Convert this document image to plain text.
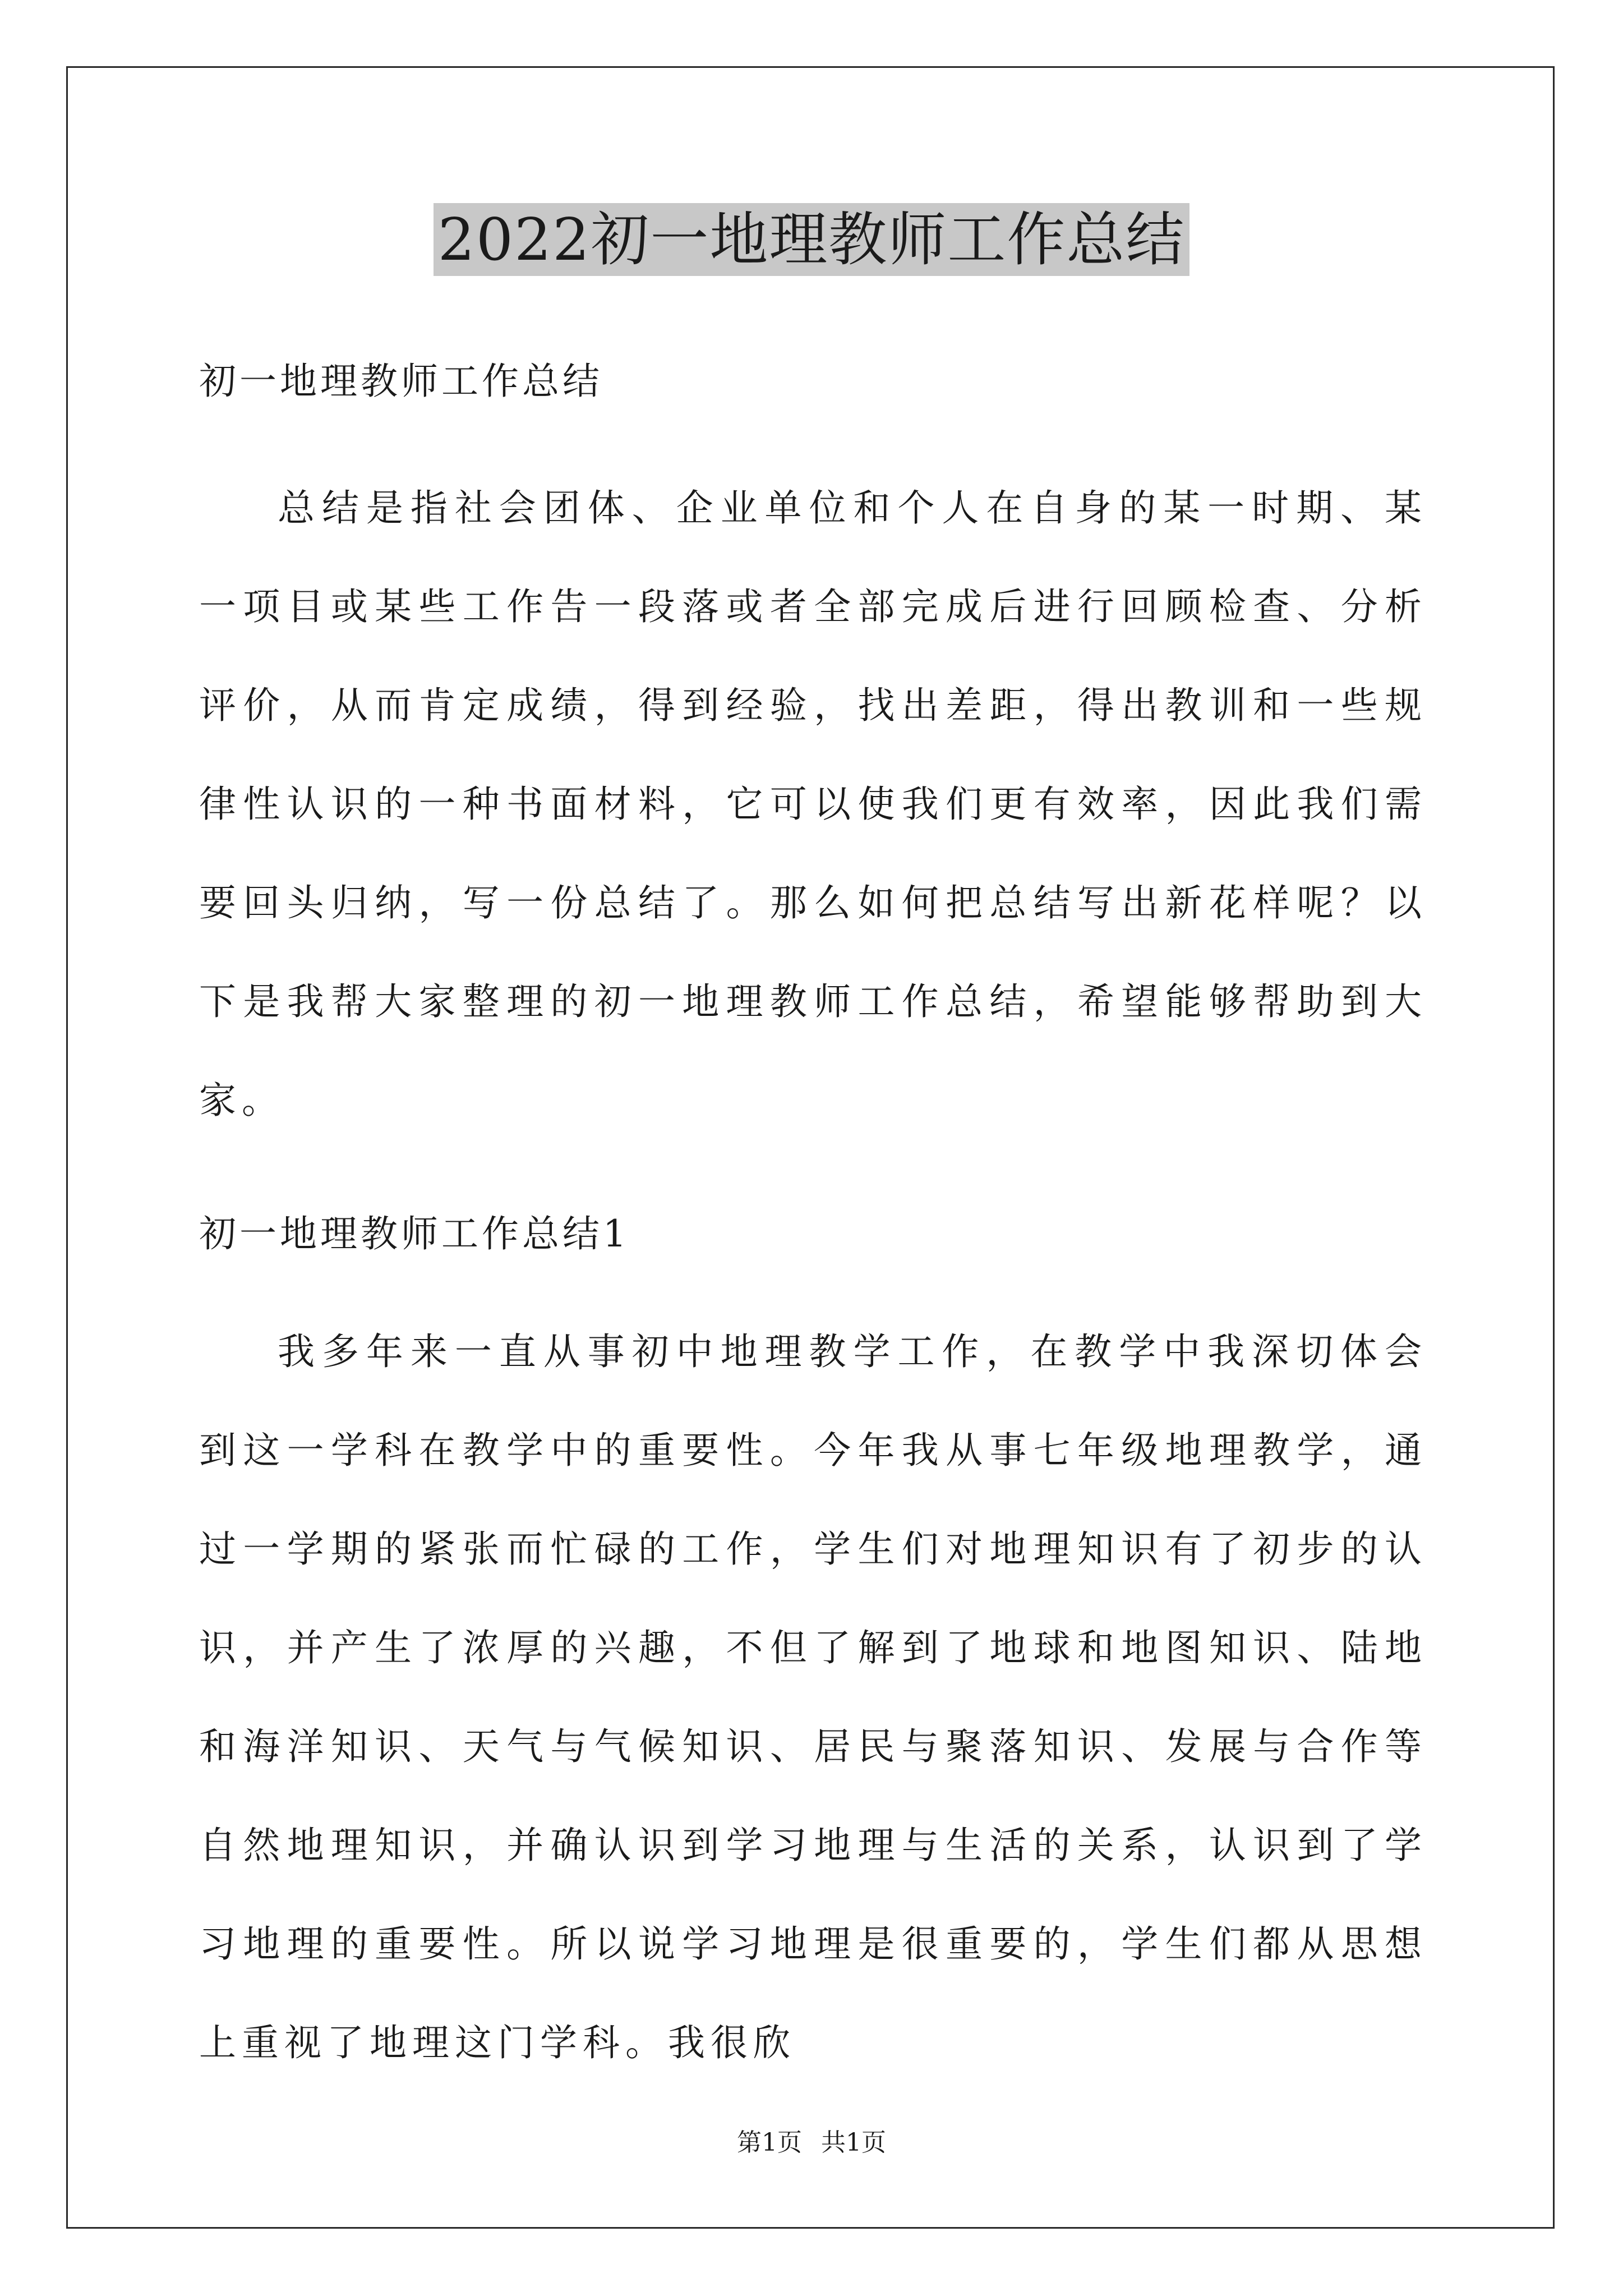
2022初一地理教师工作总结
初一地理教师工作总结

总结是指社会团体、企业单位和个人在自身的某一时期、某一项目或某些工作告一段落或者全部完成后进行回顾检查、分析评价，从而肯定成绩，得到经验，找出差距，得出教训和一些规律性认识的一种书面材料，它可以使我们更有效率，因此我们需要回头归纳，写一份总结了。那么如何把总结写出新花样呢？以下是我帮大家整理的初一地理教师工作总结，希望能够帮助到大家。

初一地理教师工作总结1

我多年来一直从事初中地理教学工作，在教学中我深切体会到这一学科在教学中的重要性。今年我从事七年级地理教学，通过一学期的紧张而忙碌的工作，学生们对地理知识有了初步的认识，并产生了浓厚的兴趣，不但了解到了地球和地图知识、陆地和海洋知识、天气与气候知识、居民与聚落知识、发展与合作等自然地理知识，并确认识到学习地理与生活的关系，认识到了学习地理的重要性。所以说学习地理是很重要的，学生们都从思想上重视了地理这门学科。我很欣

第1页 共1页
